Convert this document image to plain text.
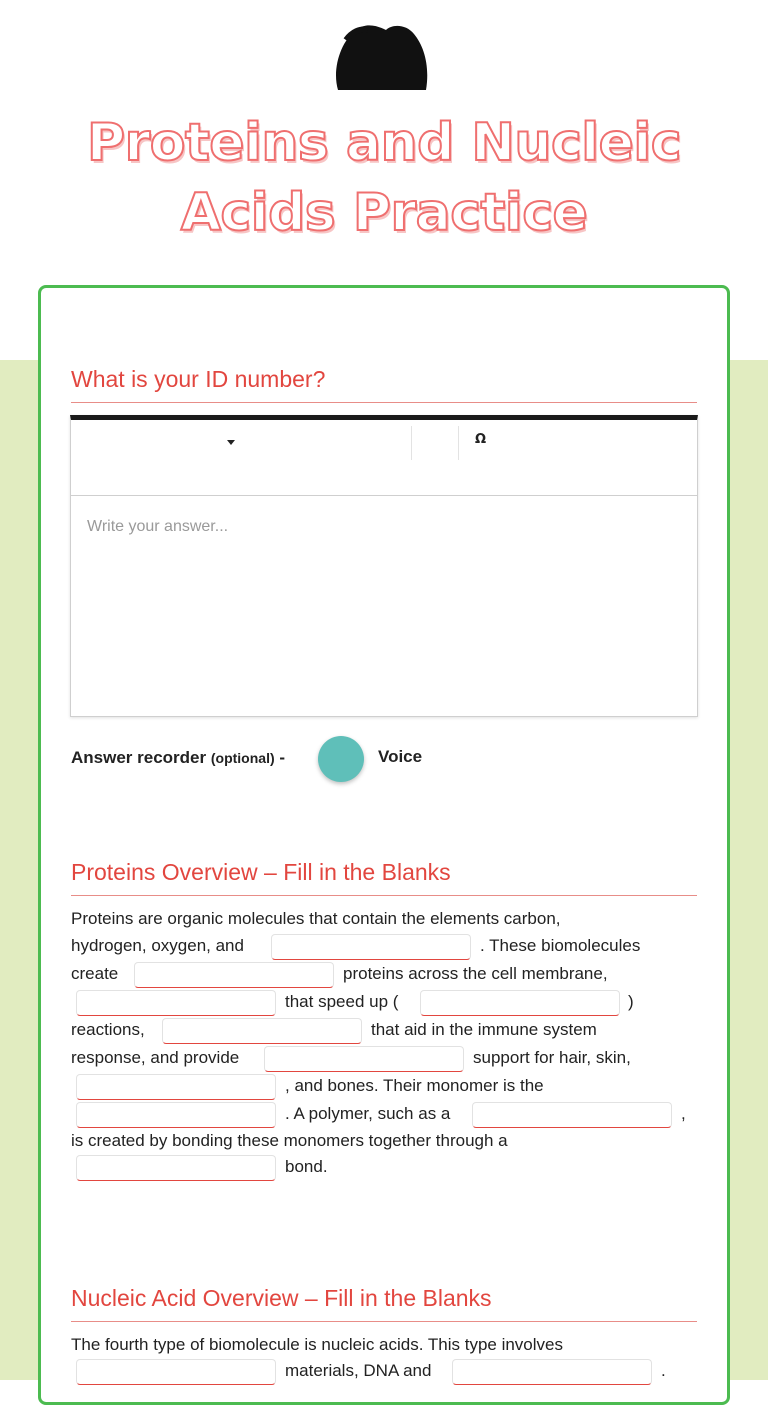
Proteins and Nucleic
Acids Practice
What is your ID number?
Ω
Write your answer...
Answer recorder (optional) -	Voice
Proteins Overview – Fill in the Blanks
Proteins are organic molecules that contain the elements carbon,
hydrogen, oxygen, and	. These biomolecules
create	proteins across the cell membrane,
that speed up (	)
reactions,	that aid in the immune system
response, and provide	support for hair, skin,
, and bones. Their monomer is the
. A polymer, such as a	,
is created by bonding these monomers together through a
bond.
Nucleic Acid Overview – Fill in the Blanks
The fourth type of biomolecule is nucleic acids. This type involves
materials, DNA and	.
